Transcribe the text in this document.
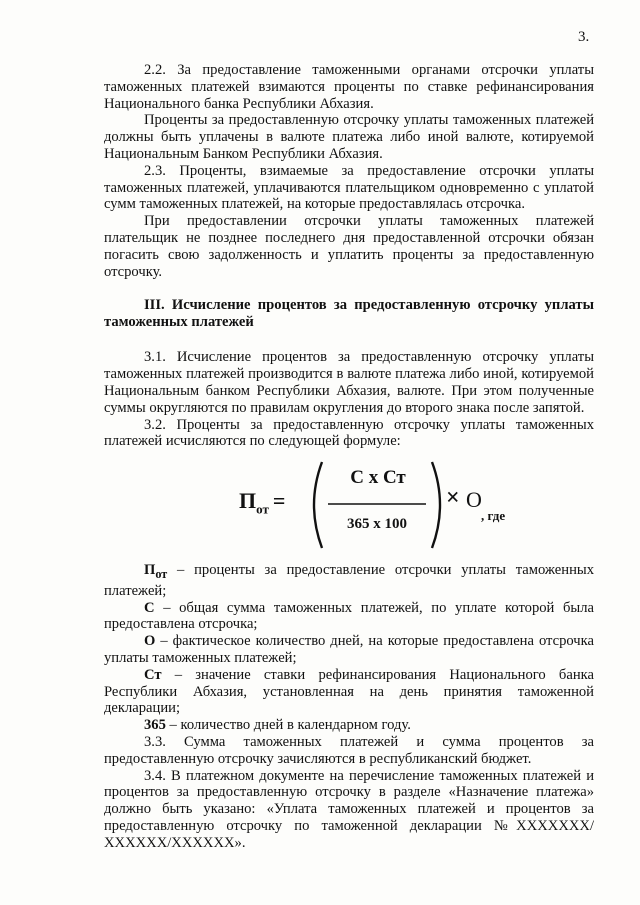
3.

2.2. За предоставление таможенными органами отсрочки уплаты таможенных платежей взимаются проценты по ставке рефинансирования Национального банка Республики Абхазия.

Проценты за предоставленную отсрочку уплаты таможенных платежей должны быть уплачены в валюте платежа либо иной валюте, котируемой Национальным Банком Республики Абхазия.

2.3. Проценты, взимаемые за предоставление отсрочки уплаты таможенных платежей, уплачиваются плательщиком одновременно с уплатой сумм таможенных платежей, на которые предоставлялась отсрочка.

При предоставлении отсрочки уплаты таможенных платежей плательщик не позднее последнего дня предоставленной отсрочки обязан погасить свою задолженность и уплатить проценты за предоставленную отсрочку.

III. Исчисление процентов за предоставленную отсрочку уплаты таможенных платежей

3.1. Исчисление процентов за предоставленную отсрочку уплаты таможенных платежей производится в валюте платежа либо иной, котируемой Национальным банком Республики Абхазия, валюте. При этом полученные суммы округляются по правилам округления до второго знака после запятой.

3.2. Проценты за предоставленную отсрочку уплаты таможенных платежей исчисляются по следующей формуле:

$П_{от}$ =
С х Ст
365 х 100
× О
, где

$П_{от}$ – проценты за предоставление отсрочки уплаты таможенных платежей;

С – общая сумма таможенных платежей, по уплате которой была предоставлена отсрочка;

О – фактическое количество дней, на которые предоставлена отсрочка уплаты таможенных платежей;

Ст – значение ставки рефинансирования Национального банка Республики Абхазия, установленная на день принятия таможенной декларации;

365 – количество дней в календарном году.

3.3. Сумма таможенных платежей и сумма процентов за предоставленную отсрочку зачисляются в республиканский бюджет.

3.4. В платежном документе на перечисление таможенных платежей и процентов за предоставленную отсрочку в разделе «Назначение платежа» должно быть указано: «Уплата таможенных платежей и процентов за предоставленную отсрочку по таможенной декларации №ХХХХХХХ/ХХХХХХ/ХХХХХХ».
